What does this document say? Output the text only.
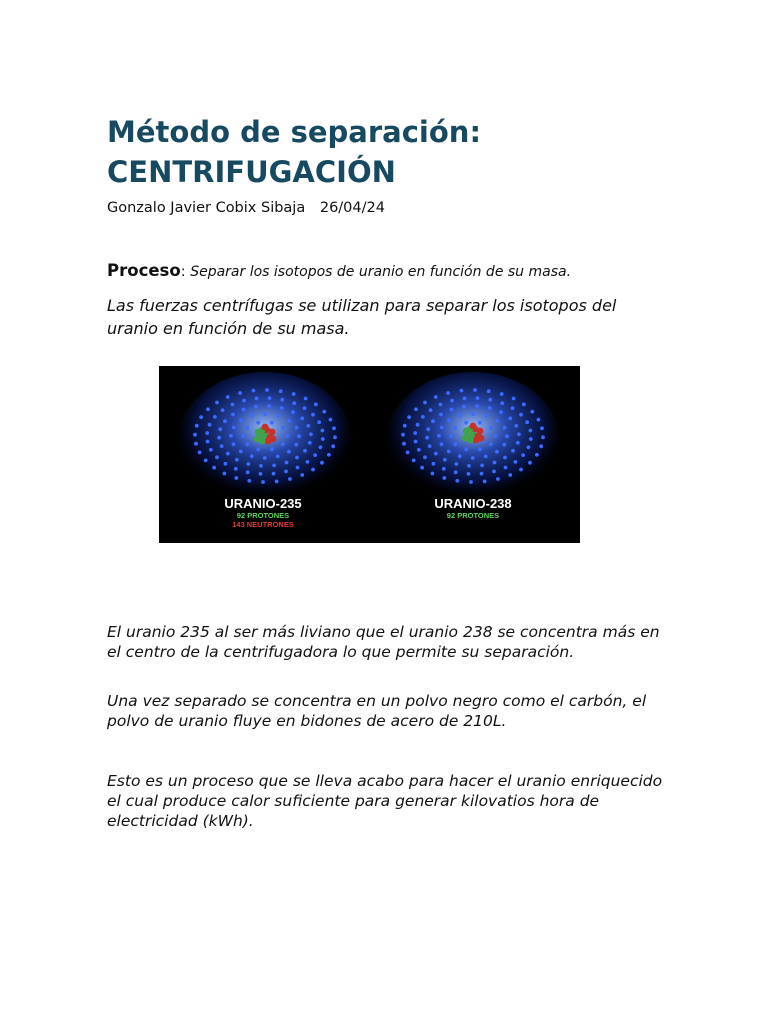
Método de separación:
CENTRIFUGACIÓN
Gonzalo Javier Cobix Sibaja 26/04/24
Proceso: Separar los isotopos de uranio en función de su masa.
Las fuerzas centrífugas se utilizan para separar los isotopos del uranio en función de su masa.
URANIO-235
92 PROTONES
143 NEUTRONES
URANIO-238
92 PROTONES
El uranio 235 al ser más liviano que el uranio 238 se concentra más en el centro de la centrifugadora lo que permite su separación.
Una vez separado se concentra en un polvo negro como el carbón, el polvo de uranio fluye en bidones de acero de 210L.
Esto es un proceso que se lleva acabo para hacer el uranio enriquecido el cual produce calor suficiente para generar kilovatios hora de electricidad (kWh).
